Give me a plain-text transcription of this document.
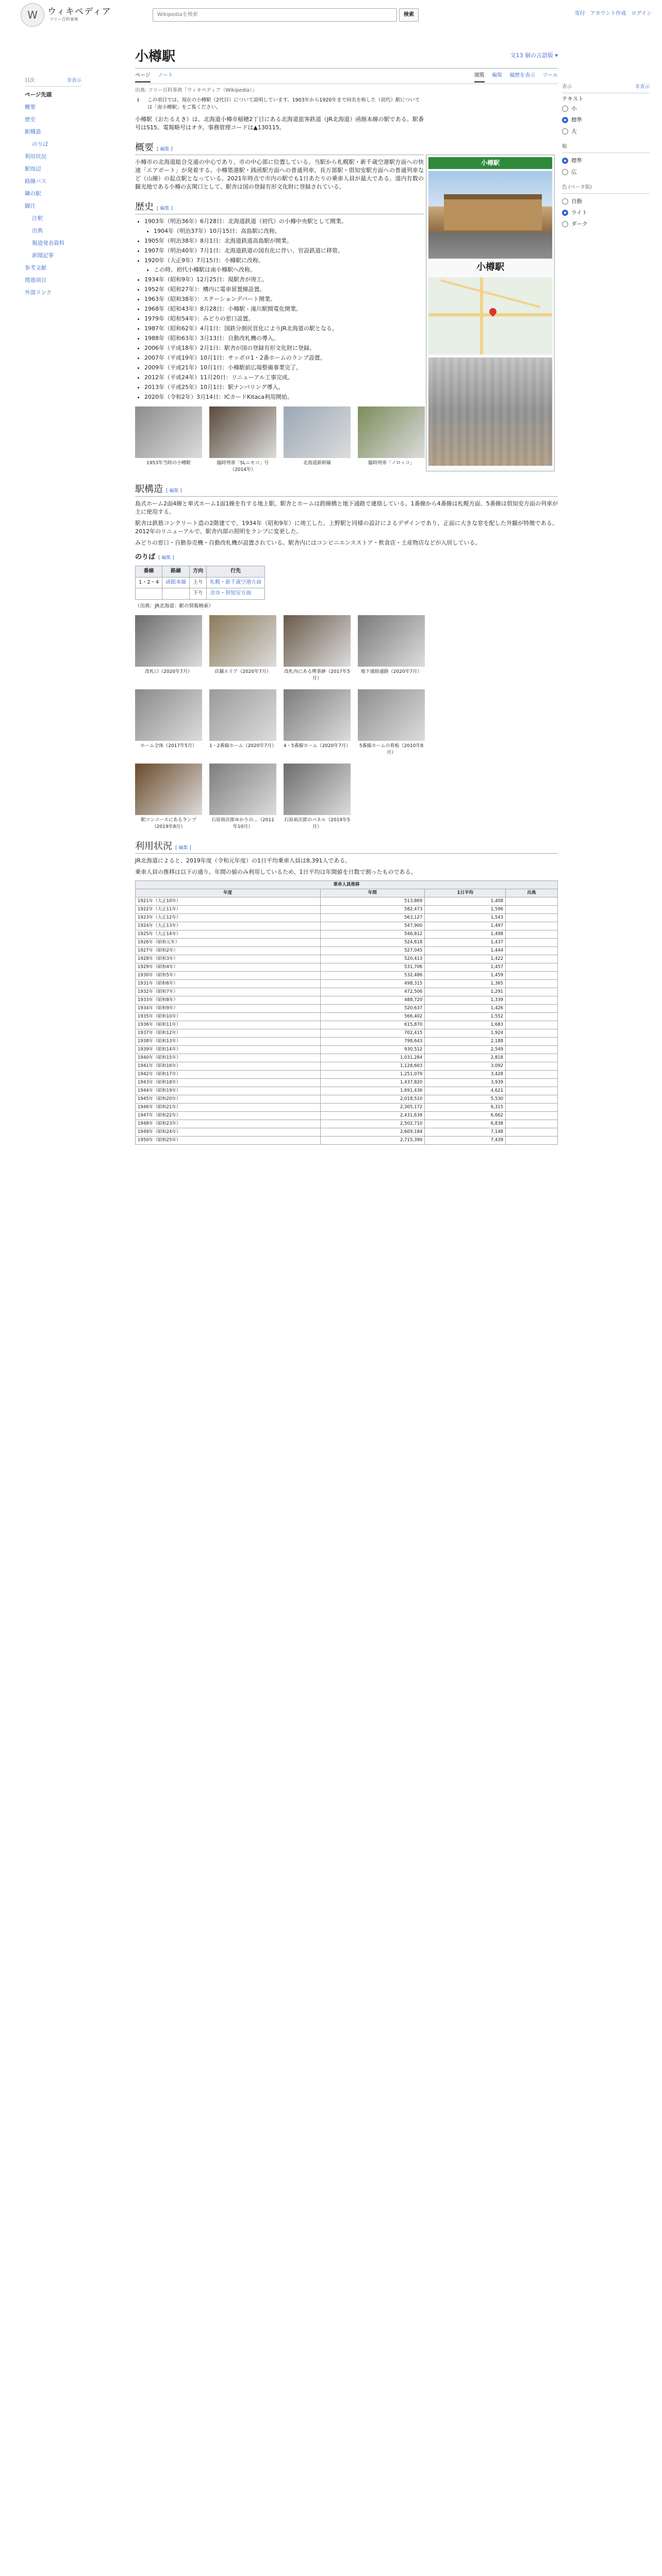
W	ウィキペディア
フリー百科事典
Wikipediaを検索	検索	寄付 アカウント作成 ログイン
目次	非表示
ページ先頭
概要
歴史
駅構造
のりば
利用状況
駅周辺
路線バス
隣の駅
脚注
注釈
出典
報道発表資料
新聞記事
参考文献
関連項目
外部リンク
表示	非表示
テキスト
小
標準
大
幅
標準
広
色 (ベータ版)
自動
ライト
ダーク
小樽駅	文13 個の言語版 ▾
ページ ノート	閲覧 編集 履歴を表示 ツール
出典: フリー百科事典『ウィキペディア（Wikipedia）』
ℹ この項目では、現在の小樽駅（2代目）について説明しています。1903年から1920年まで同名を称した（初代）駅については「南小樽駅」をご覧ください。

小樽駅（おたるえき）は、北海道小樽市稲穂2丁目にある北海道旅客鉄道（JR北海道）函館本線の駅である。駅番号はS15。電報略号はオタ。事務管理コードは▲130115。

概要 [ 編集 ]

小樽市の北海道総合交通の中心であり、市の中心部に位置している。当駅から札幌駅・新千歳空港駅方面への快速「エアポート」が発着する。小樽築港駅・銭函駅方面への普通列車、長万部駅・倶知安駅方面への普通列車など（山線）の起点駅となっている。2021年時点で市内の駅でも1日あたりの乗車人員が最大である。道内有数の観光地である小樽の玄関口として、駅舎は国の登録有形文化財に登録されている。

歴史 [ 編集 ]
• 1903年（明治36年）6月28日：北海道鉄道（初代）の小樽中央駅として開業。
• 1904年（明治37年）10月15日：高島駅に改称。
• 1905年（明治38年）8月1日：北海道鉄道高島駅が開業。
• 1907年（明治40年）7月1日：北海道鉄道の国有化に伴い、官設鉄道に移管。
• 1920年（大正9年）7月15日：小樽駅に改称。
• この時、初代小樽駅は南小樽駅へ改称。
• 1934年（昭和9年）12月25日：現駅舎が竣工。
• 1952年（昭和27年）：構内に電車留置線設置。
• 1963年（昭和38年）：ステーションデパート開業。
• 1968年（昭和43年）8月28日：小樽駅 - 滝川駅間電化開業。
• 1979年（昭和54年）：みどりの窓口設置。
• 1987年（昭和62年）4月1日：国鉄分割民営化によりJR北海道の駅となる。
• 1988年（昭和63年）3月13日：自動改札機の導入。
• 2006年（平成18年）2月1日：駅舎が国の登録有形文化財に登録。
• 2007年（平成19年）10月1日：サッポロ1・2番ホームのランプ設置。
• 2009年（平成21年）10月1日：小樽駅前広場整備事業完了。
• 2012年（平成24年）11月20日：リニューアル工事完成。
• 2013年（平成25年）10月1日：駅ナンバリング導入。
• 2020年（令和2年）3月14日：ICカードKitaca利用開始。
1953年当時の小樽駅	臨時列車「SLニセコ」号（2014年）
北海道新幹線	臨時列車「ノロッコ」
駅構造 [ 編集 ]

島式ホーム2面4線と単式ホーム1面1線を有する地上駅。駅舎とホームは跨線橋と地下通路で連絡している。1番線から4番線は札幌方面、5番線は倶知安方面の列車が主に使用する。

駅舎は鉄筋コンクリート造の2階建てで、1934年（昭和9年）に竣工した。上野駅と同様の設計によるデザインであり、正面に大きな窓を配した外観が特徴である。2012年のリニューアルで、駅舎内部の照明をランプに変更した。

みどりの窓口・自動券売機・自動改札機が設置されている。駅舎内にはコンビニエンスストア・飲食店・土産物店などが入居している。

のりば [ 編集 ]
番線	路線	方向	行先
1・2・4	函館本線	上り	札幌・新千歳空港方面
		下り	余市・倶知安方面
（出典：JR北海道：駅の情報検索）
改札口（2020年7月）	店舗エリア（2020年7月）	改札内にある喫茶跡（2017年5月）
地下連絡通路（2020年7月）
ホーム全体（2017年5月）	1・2番線ホーム（2020年7月） 4・5番線ホーム（2020年7月）	5番線ホームの看板（2010年8月）
駅コンコースにあるランプ（2019年8月）
石原裕次郎ゆかりの…（2011年10月）
石原裕次郎のパネル（2019年5月）
利用状況 [ 編集 ]

JR北海道によると、2019年度（令和元年度）の1日平均乗車人員は8,391人である。

乗車人員の推移は以下の通り。年間の値のみ利用しているため、1日平均は年間値を日数で割ったものである。

乗車人員推移			
年度	年間	1日平均	出典
1921年（大正10年）	513,869	1,408	
1922年（大正11年）	582,473	1,596	
1923年（大正12年）	563,127	1,543	
1924年（大正13年）	547,900	1,497	
1925年（大正14年）	546,812	1,498	
1926年（昭和元年）	524,618	1,437	
1927年（昭和2年）	527,045	1,444	
1928年（昭和3年）	520,413	1,422	
1929年（昭和4年）	531,706	1,457	
1930年（昭和5年）	532,486	1,459	
1931年（昭和6年）	498,315	1,365	
1932年（昭和7年）	472,506	1,291	
1933年（昭和8年）	488,720	1,339	
1934年（昭和9年）	520,637	1,426	
1935年（昭和10年）	566,402	1,552	
1936年（昭和11年）	615,870	1,683	
1937年（昭和12年）	702,415	1,924	
1938年（昭和13年）	798,643	2,188	
1939年（昭和14年）	930,512	2,549	
1940年（昭和15年）	1,031,284	2,818	
1941年（昭和16年）	1,128,603	3,092	
1942年（昭和17年）	1,251,079	3,428	
1943年（昭和18年）	1,437,820	3,939	
1944年（昭和19年）	1,691,436	4,621	
1945年（昭和20年）	2,018,510	5,530	
1946年（昭和21年）	2,305,172	6,315	
1947年（昭和22年）	2,431,638	6,662	
1948年（昭和23年）	2,502,710	6,838	
1949年（昭和24年）	2,609,184	7,148	
1950年（昭和25年）	2,715,390	7,439	
小樽駅
小樽駅
